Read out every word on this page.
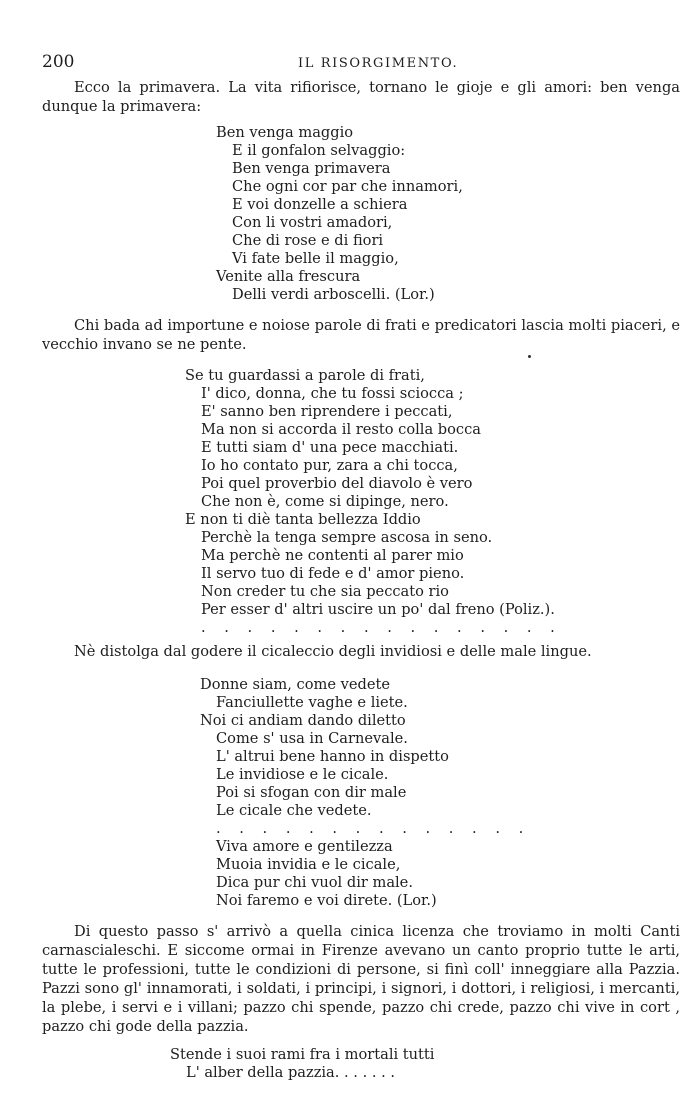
200	IL RISORGIMENTO.

Ecco la primavera. La vita rifiorisce, tornano le gioje e gli amori: ben venga dunque la primavera:

Ben venga maggio
E il gonfalon selvaggio:
Ben venga primavera
Che ogni cor par che innamori,
E voi donzelle a schiera
Con li vostri amadori,
Che di rose e di fiori
Vi fate belle il maggio,
Venite alla frescura
Delli verdi arboscelli. (Lor.)

Chi bada ad importune e noiose parole di frati e predicatori lascia molti piaceri, e vecchio invano se ne pente.

Se tu guardassi a parole di frati,
I' dico, donna, che tu fossi sciocca ;
E' sanno ben riprendere i peccati,
Ma non si accorda il resto colla bocca
E tutti siam d' una pece macchiati.
Io ho contato pur, zara a chi tocca,
Poi quel proverbio del diavolo è vero
Che non è, come si dipinge, nero.
E non ti diè tanta bellezza Iddio
Perchè la tenga sempre ascosa in seno.
Ma perchè ne contenti al parer mio
Il servo tuo di fede e d' amor pieno.
Non creder tu che sia peccato rio
Per esser d' altri uscire un po' dal freno (Poliz.).
. . . . . . . . . . . . . . . .

Nè distolga dal godere il cicaleccio degli invidiosi e delle male lingue.

Donne siam, come vedete
Fanciullette vaghe e liete.
Noi ci andiam dando diletto
Come s' usa in Carnevale.
L' altrui bene hanno in dispetto
Le invidiose e le cicale.
Poi si sfogan con dir male
Le cicale che vedete.
. . . . . . . . . . . . . .
Viva amore e gentilezza
Muoia invidia e le cicale,
Dica pur chi vuol dir male.
Noi faremo e voi direte. (Lor.)

Di questo passo s' arrivò a quella cinica licenza che troviamo in molti Canti carnascialeschi. E siccome ormai in Firenze avevano un canto proprio tutte le arti, tutte le professioni, tutte le condizioni di persone, si finì coll' inneggiare alla Pazzia. Pazzi sono gl' innamorati, i soldati, i principi, i signori, i dottori, i religiosi, i mercanti, la plebe, i servi e i villani; pazzo chi spende, pazzo chi crede, pazzo chi vive in cort , pazzo chi gode della pazzia.

Stende i suoi rami fra i mortali tutti
L' alber della pazzia. . . . . . .
